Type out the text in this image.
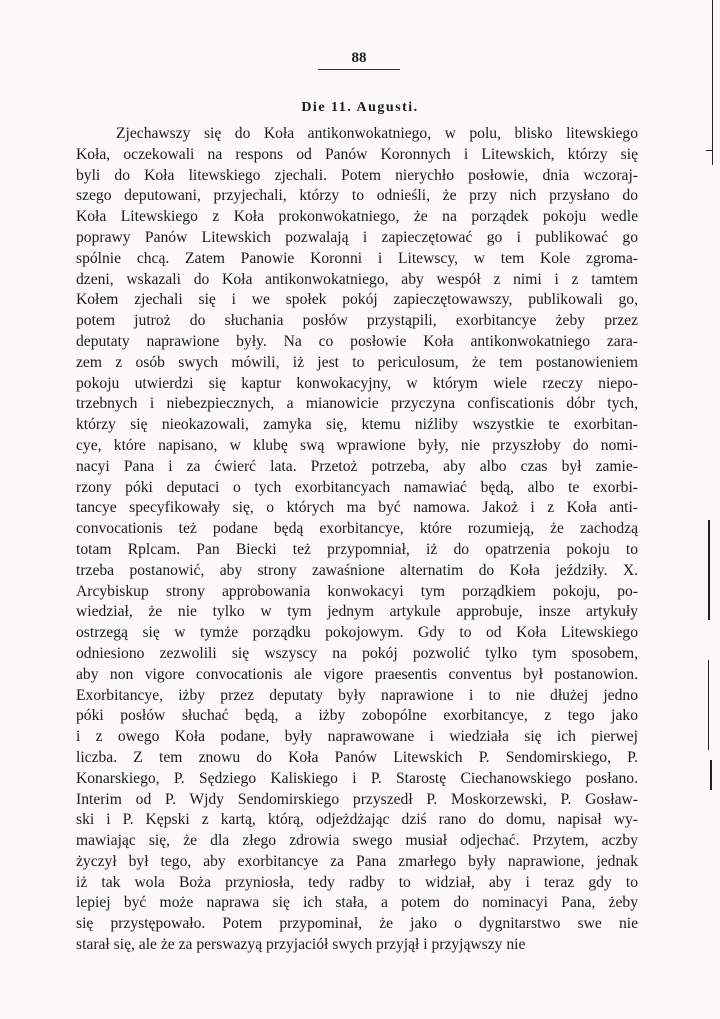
88
Die 11. Augusti.
Zjechawszy się do Koła antikonwokatniego, w polu, blisko litewskiego
Koła, oczekowali na respons od Panów Koronnych i Litewskich, którzy się
byli do Koła litewskiego zjechali. Potem nierychło posłowie, dnia wczoraj-
szego deputowani, przyjechali, którzy to odnieśli, że przy nich przysłano do
Koła Litewskiego z Koła prokonwokatniego, że na porządek pokoju wedle
poprawy Panów Litewskich pozwalają i zapieczętować go i publikować go
spólnie chcą. Zatem Panowie Koronni i Litewscy, w tem Kole zgroma-
dzeni, wskazali do Koła antikonwokatniego, aby wespół z nimi i z tamtem
Kołem zjechali się i we społek pokój zapieczętowawszy, publikowali go,
potem jutroż do słuchania posłów przystąpili, exorbitancye żeby przez
deputaty naprawione były. Na co posłowie Koła antikonwokatniego zara-
zem z osób swych mówili, iż jest to periculosum, że tem postanowieniem
pokoju utwierdzi się kaptur konwokacyjny, w którym wiele rzeczy niepo-
trzebnych i niebezpiecznych, a mianowicie przyczyna confiscationis dóbr tych,
którzy się nieokazowali, zamyka się, ktemu niźliby wszystkie te exorbitan-
cye, które napisano, w klubę swą wprawione były, nie przyszłoby do nomi-
nacyi Pana i za ćwierć lata. Przetoż potrzeba, aby albo czas był zamie-
rzony póki deputaci o tych exorbitancyach namawiać będą, albo te exorbi-
tancye specyfikowały się, o których ma być namowa. Jakoż i z Koła anti-
convocationis też podane będą exorbitancye, które rozumieją, że zachodzą
totam Rplcam. Pan Biecki też przypomniał, iż do opatrzenia pokoju to
trzeba postanowić, aby strony zawaśnione alternatim do Koła jeździły. X.
Arcybiskup strony approbowania konwokacyi tym porządkiem pokoju, po-
wiedział, że nie tylko w tym jednym artykule approbuje, insze artykuły
ostrzegą się w tymże porządku pokojowym. Gdy to od Koła Litewskiego
odniesiono zezwolili się wszyscy na pokój pozwolić tylko tym sposobem,
aby non vigore convocationis ale vigore praesentis conventus był postanowion.
Exorbitancye, iżby przez deputaty były naprawione i to nie dłużej jedno
póki posłów słuchać będą, a iżby zobopólne exorbitancye, z tego jako
i z owego Koła podane, były naprawowane i wiedziała się ich pierwej
liczba. Z tem znowu do Koła Panów Litewskich P. Sendomirskiego, P.
Konarskiego, P. Sędziego Kaliskiego i P. Starostę Ciechanowskiego posłano.
Interim od P. Wjdy Sendomirskiego przyszedł P. Moskorzewski, P. Gosław-
ski i P. Kępski z kartą, którą, odjeżdżając dziś rano do domu, napisał wy-
mawiając się, że dla złego zdrowia swego musiał odjechać. Przytem, aczby
życzył był tego, aby exorbitancye za Pana zmarłego były naprawione, jednak
iż tak wola Boża przyniosła, tedy radby to widział, aby i teraz gdy to
lepiej być może naprawa się ich stała, a potem do nominacyi Pana, żeby
się przystępowało. Potem przypominał, że jako o dygnitarstwo swe nie
starał się, ale że za perswazyą przyjaciół swych przyjął i przyjąwszy nie
